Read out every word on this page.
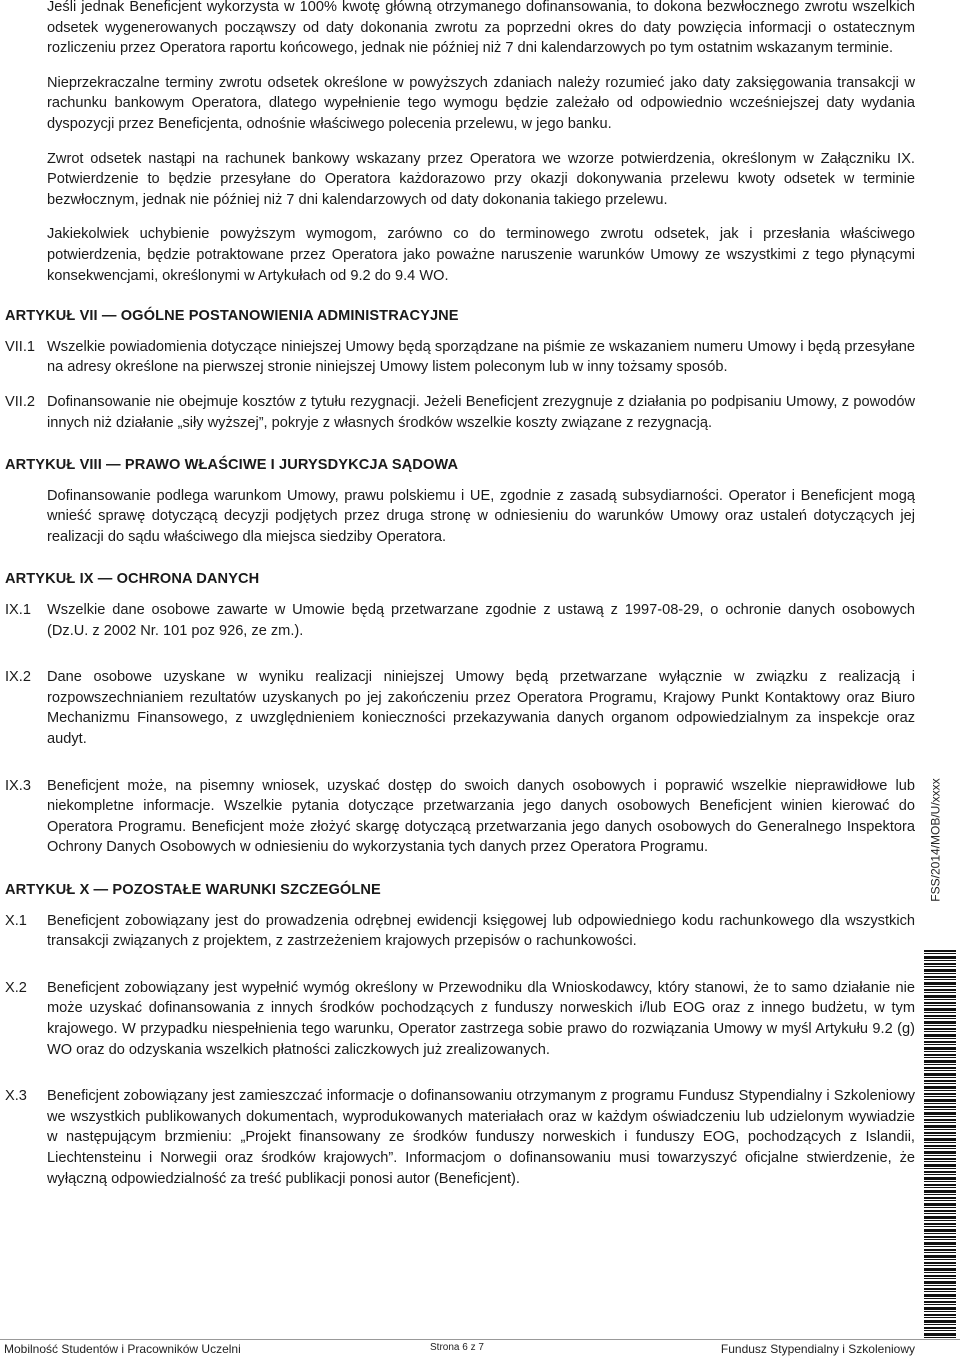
Jeśli jednak Beneficjent wykorzysta w 100% kwotę główną otrzymanego dofinansowania, to dokona bezwłocznego zwrotu wszelkich odsetek wygenerowanych począwszy od daty dokonania zwrotu za poprzedni okres do daty powzięcia informacji o ostatecznym rozliczeniu przez Operatora raportu końcowego, jednak nie później niż 7 dni kalendarzowych po tym ostatnim wskazanym terminie.

Nieprzekraczalne terminy zwrotu odsetek określone w powyższych zdaniach należy rozumieć jako daty zaksięgowania transakcji w rachunku bankowym Operatora, dlatego wypełnienie tego wymogu będzie zależało od odpowiednio wcześniejszej daty wydania dyspozycji przez Beneficjenta, odnośnie właściwego polecenia przelewu, w jego banku.

Zwrot odsetek nastąpi na rachunek bankowy wskazany przez Operatora we wzorze potwierdzenia, określonym w Załączniku IX. Potwierdzenie to będzie przesyłane do Operatora każdorazowo przy okazji dokonywania przelewu kwoty odsetek w terminie bezwłocznym, jednak nie później niż 7 dni kalendarzowych od daty dokonania takiego przelewu.

Jakiekolwiek uchybienie powyższym wymogom, zarówno co do terminowego zwrotu odsetek, jak i przesłania właściwego potwierdzenia, będzie potraktowane przez Operatora jako poważne naruszenie warunków Umowy ze wszystkimi z tego płynącymi konsekwencjami, określonymi w Artykułach od 9.2 do 9.4 WO.

ARTYKUŁ VII — OGÓLNE POSTANOWIENIA ADMINISTRACYJNE
VII.1 Wszelkie powiadomienia dotyczące niniejszej Umowy będą sporządzane na piśmie ze wskazaniem numeru Umowy i będą przesyłane na adresy określone na pierwszej stronie niniejszej Umowy listem poleconym lub w inny tożsamy sposób.
VII.2 Dofinansowanie nie obejmuje kosztów z tytułu rezygnacji. Jeżeli Beneficjent zrezygnuje z działania po podpisaniu Umowy, z powodów innych niż działanie „siły wyższej”, pokryje z własnych środków wszelkie koszty związane z rezygnacją.
ARTYKUŁ VIII — PRAWO WŁAŚCIWE I JURYSDYKCJA SĄDOWA

Dofinansowanie podlega warunkom Umowy, prawu polskiemu i UE, zgodnie z zasadą subsydiarności. Operator i Beneficjent mogą wnieść sprawę dotyczącą decyzji podjętych przez druga stronę w odniesieniu do warunków Umowy oraz ustaleń dotyczących jej realizacji do sądu właściwego dla miejsca siedziby Operatora.

ARTYKUŁ IX — OCHRONA DANYCH
IX.1	Wszelkie dane osobowe zawarte w Umowie będą przetwarzane zgodnie z ustawą z 1997-08-29, o ochronie danych osobowych (Dz.U. z 2002 Nr. 101 poz 926, ze zm.).
IX.2	Dane osobowe uzyskane w wyniku realizacji niniejszej Umowy będą przetwarzane wyłącznie w związku z realizacją i rozpowszechnianiem rezultatów uzyskanych po jej zakończeniu przez Operatora Programu, Krajowy Punkt Kontaktowy oraz Biuro Mechanizmu Finansowego, z uwzględnieniem konieczności przekazywania danych organom odpowiedzialnym za inspekcje oraz audyt.
IX.3	Beneficjent może, na pisemny wniosek, uzyskać dostęp do swoich danych osobowych i poprawić wszelkie nieprawidłowe lub niekompletne informacje. Wszelkie pytania dotyczące przetwarzania jego danych osobowych Beneficjent winien kierować do Operatora Programu. Beneficjent może złożyć skargę dotyczącą przetwarzania jego danych osobowych do Generalnego Inspektora Ochrony Danych Osobowych w odniesieniu do wykorzystania tych danych przez Operatora Programu.
ARTYKUŁ X — POZOSTAŁE WARUNKI SZCZEGÓLNE
X.1	Beneficjent zobowiązany jest do prowadzenia odrębnej ewidencji księgowej lub odpowiedniego kodu rachunkowego dla wszystkich transakcji związanych z projektem, z zastrzeżeniem krajowych przepisów o rachunkowości.
X.2	Beneficjent zobowiązany jest wypełnić wymóg określony w Przewodniku dla Wnioskodawcy, który stanowi, że to samo działanie nie może uzyskać dofinansowania z innych środków pochodzących z funduszy norweskich i/lub EOG oraz z innego budżetu, w tym krajowego. W przypadku niespełnienia tego warunku, Operator zastrzega sobie prawo do rozwiązania Umowy w myśl Artykułu 9.2 (g) WO oraz do odzyskania wszelkich płatności zaliczkowych już zrealizowanych.
X.3	Beneficjent zobowiązany jest zamieszczać informacje o dofinansowaniu otrzymanym z programu Fundusz Stypendialny i Szkoleniowy we wszystkich publikowanych dokumentach, wyprodukowanych materiałach oraz w każdym oświadczeniu lub udzielonym wywiadzie w następującym brzmieniu: „Projekt finansowany ze środków funduszy norweskich i funduszy EOG, pochodzących z Islandii, Liechtensteinu i Norwegii oraz środków krajowych”. Informacjom o dofinansowaniu musi towarzyszyć oficjalne stwierdzenie, że wyłączną odpowiedzialność za treść publikacji ponosi autor (Beneficjent).
FSS/2014/MOB/U/xxxx
Mobilność Studentów i Pracowników Uczelni	Strona 6 z 7	Fundusz Stypendialny i Szkoleniowy
